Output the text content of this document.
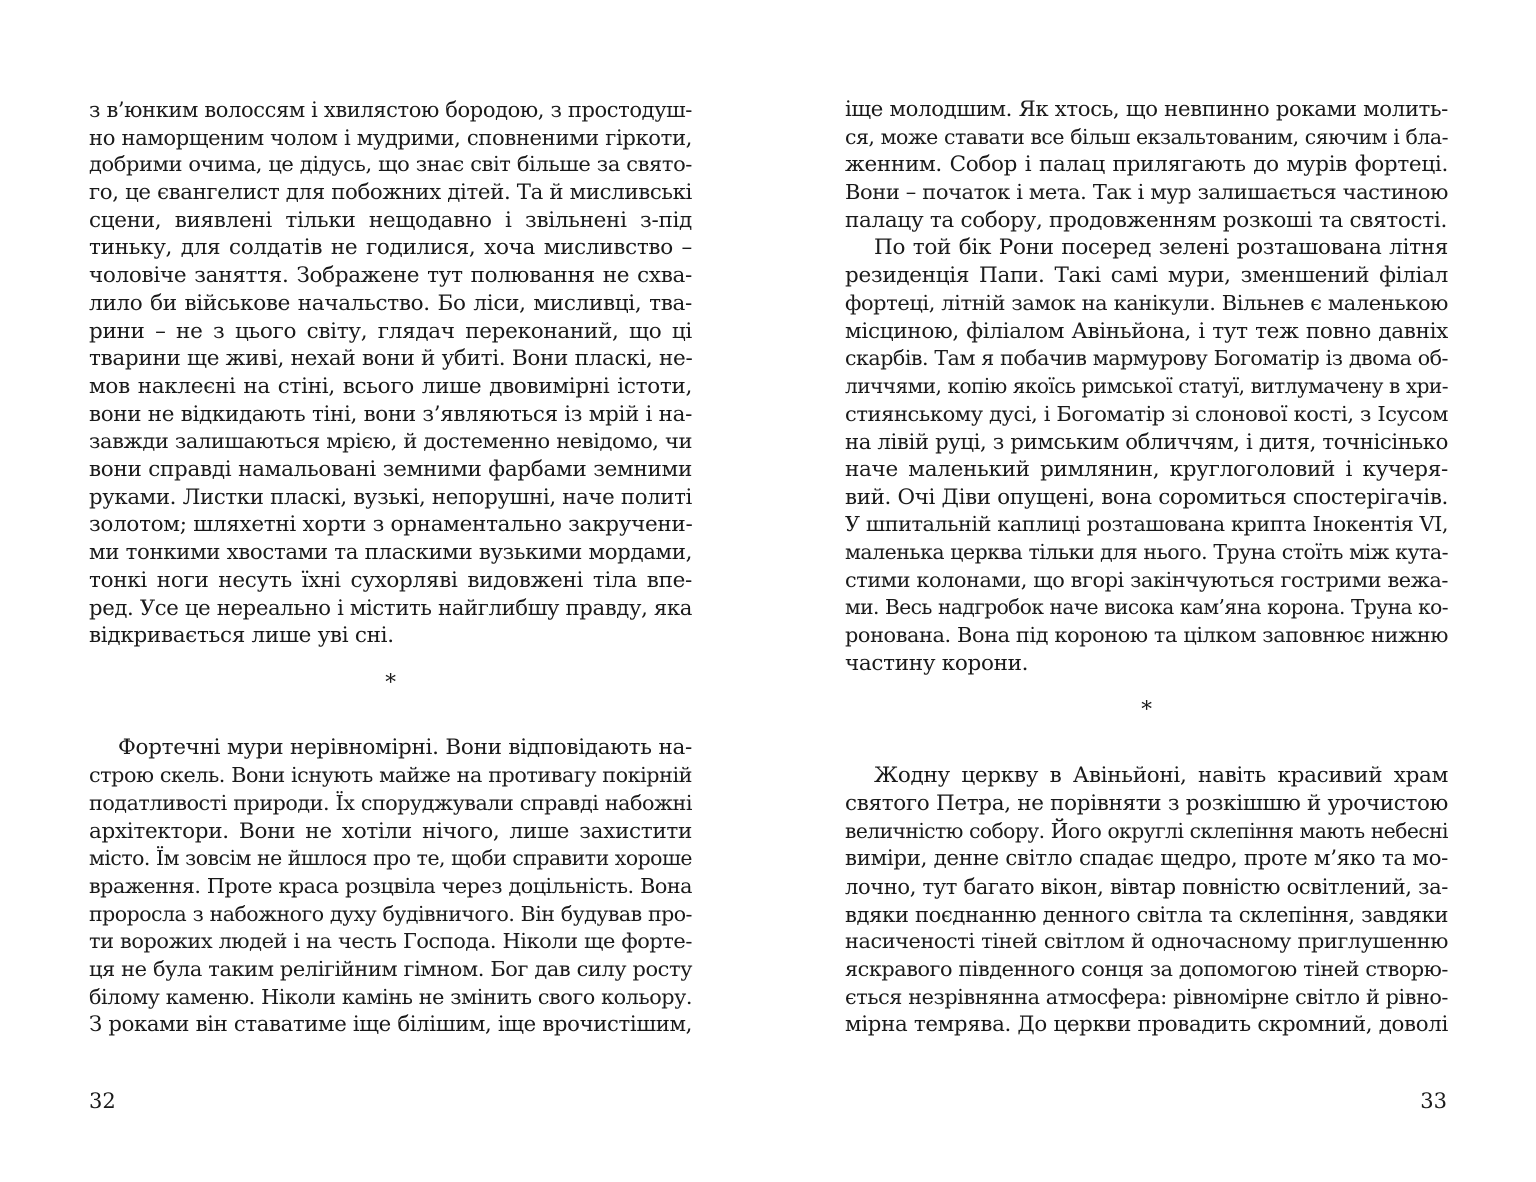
з в’юнким волоссям і хвилястою бородою, з простодуш-
но наморщеним чолом і мудрими, сповненими гіркоти,
добрими очима, це дідусь, що знає світ більше за свято-
го, це євангелист для побожних дітей. Та й мисливські
сцени, виявлені тільки нещодавно і звільнені з-під
тиньку, для солдатів не годилися, хоча мисливство –
чоловіче заняття. Зображене тут полювання не схва-
лило би військове начальство. Бо ліси, мисливці, тва-
рини – не з цього світу, глядач переконаний, що ці
тварини ще живі, нехай вони й убиті. Вони пласкі, не-
мов наклеєні на стіні, всього лише двовимірні істоти,
вони не відкидають тіні, вони з’являються із мрій і на-
завжди залишаються мрією, й достеменно невідомо, чи
вони справді намальовані земними фарбами земними
руками. Листки пласкі, вузькі, непорушні, наче политі
золотом; шляхетні хорти з орнаментально закручени-
ми тонкими хвостами та пласкими вузькими мордами,
тонкі ноги несуть їхні сухорляві видовжені тіла впе-
ред. Усе це нереально і містить найглибшу правду, яка
відкривається лише уві сні.
*
Фортечні мури нерівномірні. Вони відповідають на-
строю скель. Вони існують майже на противагу покірній
податливості природи. Їх споруджували справді набожні
архітектори. Вони не хотіли нічого, лише захистити
місто. Їм зовсім не йшлося про те, щоби справити хороше
враження. Проте краса розцвіла через доцільність. Вона
проросла з набожного духу будівничого. Він будував про-
ти ворожих людей і на честь Господа. Ніколи ще форте-
ця не була таким релігійним гімном. Бог дав силу росту
білому каменю. Ніколи камінь не змінить свого кольору.
З роками він ставатиме іще білішим, іще врочистішим,
32
іще молодшим. Як хтось, що невпинно роками молить-
ся, може ставати все більш екзальтованим, сяючим і бла-
женним. Собор і палац прилягають до мурів фортеці.
Вони – початок і мета. Так і мур залишається частиною
палацу та собору, продовженням розкоші та святості.
По той бік Рони посеред зелені розташована літня
резиденція Папи. Такі самі мури, зменшений філіал
фортеці, літній замок на канікули. Вільнев є маленькою
місциною, філіалом Авіньйона, і тут теж повно давніх
скарбів. Там я побачив мармурову Богоматір із двома об-
личчями, копію якоїсь римської статуї, витлумачену в хри-
стиянському дусі, і Богоматір зі слонової кості, з Ісусом
на лівій руці, з римським обличчям, і дитя, точнісінько
наче маленький римлянин, круглоголовий і кучеря-
вий. Очі Діви опущені, вона соромиться спостерігачів.
У шпитальній каплиці розташована крипта Інокентія VI,
маленька церква тільки для нього. Труна стоїть між кута-
стими колонами, що вгорі закінчуються гострими вежа-
ми. Весь надгробок наче висока кам’яна корона. Труна ко-
ронована. Вона під короною та цілком заповнює нижню
частину корони.
*
Жодну церкву в Авіньйоні, навіть красивий храм
святого Петра, не порівняти з розкішшю й урочистою
величністю собору. Його округлі склепіння мають небесні
виміри, денне світло спадає щедро, проте м’яко та мо-
лочно, тут багато вікон, вівтар повністю освітлений, за-
вдяки поєднанню денного світла та склепіння, завдяки
насиченості тіней світлом й одночасному приглушенню
яскравого південного сонця за допомогою тіней створю-
ється незрівнянна атмосфера: рівномірне світло й рівно-
мірна темрява. До церкви провадить скромний, доволі
33
